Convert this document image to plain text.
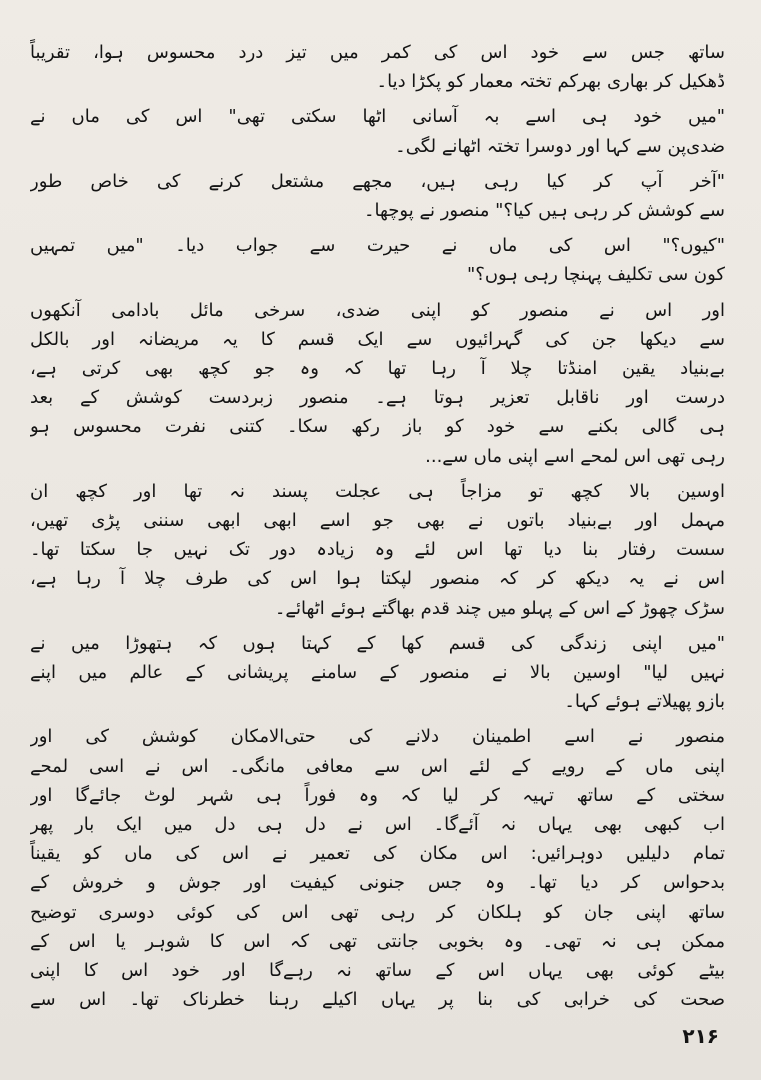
ساتھ جس سے خود اس کی کمر میں تیز درد محسوس ہوا، تقریباً
ڈھکیل کر بھاری بھرکم تختہ معمار کو پکڑا دیا۔

"میں خود ہی اسے بہ آسانی اٹھا سکتی تھی" اس کی ماں نے
ضدی‌پن سے کہا اور دوسرا تختہ اٹھانے لگی۔

"آخر آپ کر کیا رہی ہیں، مجھے مشتعل کرنے کی خاص طور
سے کوشش کر رہی ہیں کیا؟" منصور نے پوچھا۔

"کیوں؟" اس کی ماں نے حیرت سے جواب دیا۔ "میں تمہیں
کون سی تکلیف پہنچا رہی ہوں؟"

اور اس نے منصور کو اپنی ضدی، سرخی مائل بادامی آنکھوں
سے دیکھا جن کی گہرائیوں سے ایک قسم کا یہ مریضانہ اور بالکل
بےبنیاد یقین امنڈتا چلا آ رہا تھا کہ وہ جو کچھ بھی کرتی ہے،
درست اور ناقابل تعزیر ہوتا ہے۔ منصور زبردست کوشش کے بعد
ہی گالی بکنے سے خود کو باز رکھ سکا۔ کتنی نفرت محسوس ہو
رہی تھی اس لمحے اسے اپنی ماں سے...

اوسین بالا کچھ تو مزاجاً ہی عجلت پسند نہ تھا اور کچھ ان
مہمل اور بےبنیاد باتوں نے بھی جو اسے ابھی ابھی سننی پڑی تھیں،
سست رفتار بنا دیا تھا اس لئے وہ زیادہ دور تک نہیں جا سکتا تھا۔
اس نے یہ دیکھ کر کہ منصور لپکتا ہوا اس کی طرف چلا آ رہا ہے،
سڑک چھوڑ کے اس کے پہلو میں چند قدم بھاگتے ہوئے اٹھائے۔

"میں اپنی زندگی کی قسم کھا کے کہتا ہوں کہ ہتھوڑا میں نے
نہیں لیا" اوسین بالا نے منصور کے سامنے پریشانی کے عالم میں اپنے
بازو پھیلاتے ہوئے کہا۔

منصور نے اسے اطمینان دلانے کی حتی‌الامکان کوشش کی اور
اپنی ماں کے رویے کے لئے اس سے معافی مانگی۔ اس نے اسی لمحے
سختی کے ساتھ تہیہ کر لیا کہ وہ فوراً ہی شہر لوٹ جائےگا اور
اب کبھی بھی یہاں نہ آئےگا۔ اس نے دل ہی دل میں ایک بار پھر
تمام دلیلیں دوہرائیں: اس مکان کی تعمیر نے اس کی ماں کو یقیناً
بدحواس کر دیا تھا۔ وہ جس جنونی کیفیت اور جوش و خروش کے
ساتھ اپنی جان کو ہلکان کر رہی تھی اس کی کوئی دوسری توضیح
ممکن ہی نہ تھی۔ وہ بخوبی جانتی تھی کہ اس کا شوہر یا اس کے
بیٹے کوئی بھی یہاں اس کے ساتھ نہ رہےگا اور خود اس کا اپنی
صحت کی خرابی کی بنا پر یہاں اکیلے رہنا خطرناک تھا۔ اس سے

۲۱۶
